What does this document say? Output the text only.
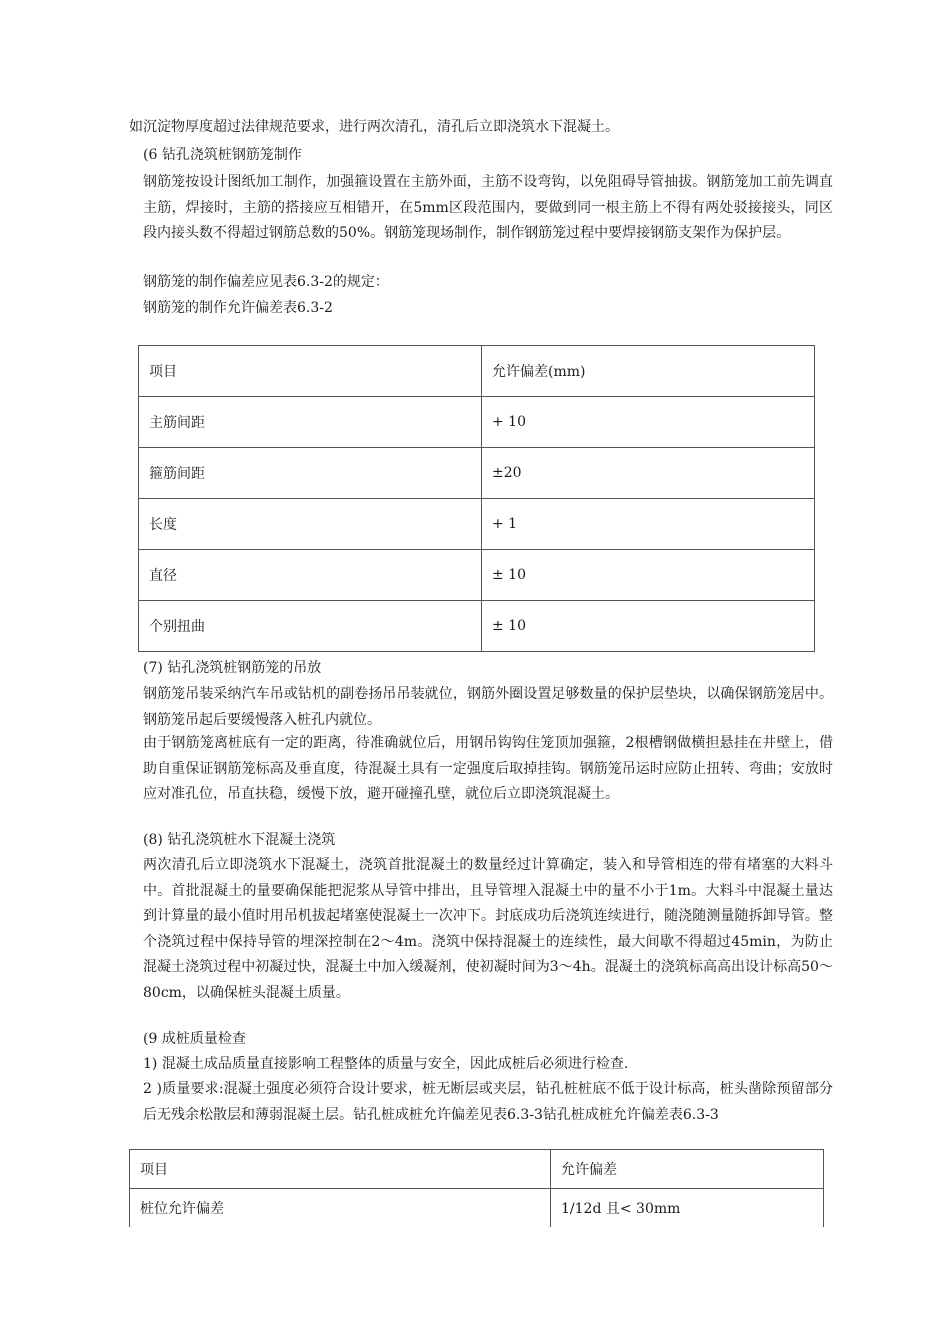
如沉淀物厚度超过法律规范要求，进行两次清孔，清孔后立即浇筑水下混凝土。
(6 钻孔浇筑桩钢筋笼制作
钢筋笼按设计图纸加工制作，加强箍设置在主筋外面，主筋不设弯钩，以免阻碍导管抽拔。钢筋笼加工前先调直主筋，焊接时，主筋的搭接应互相错开，在5mm区段范围内，要做到同一根主筋上不得有两处驳接接头，同区段内接头数不得超过钢筋总数的50%。钢筋笼现场制作，制作钢筋笼过程中要焊接钢筋支架作为保护层。
钢筋笼的制作偏差应见表6.3-2的规定：
钢筋笼的制作允许偏差表6.3-2
项目	允许偏差(mm)
主筋间距	+ 10
箍筋间距	±20
长度	+ 1
直径	± 10
个别扭曲	± 10
(7) 钻孔浇筑桩钢筋笼的吊放
钢筋笼吊装采纳汽车吊或钻机的副卷扬吊吊装就位，钢筋外圈设置足够数量的保护层垫块，以确保钢筋笼居中。钢筋笼吊起后要缓慢落入桩孔内就位。
由于钢筋笼离桩底有一定的距离，待准确就位后，用钢吊钩钩住笼顶加强箍，2根槽钢做横担悬挂在井壁上，借助自重保证钢筋笼标高及垂直度，待混凝土具有一定强度后取掉挂钩。钢筋笼吊运时应防止扭转、弯曲；安放时应对准孔位，吊直扶稳，缓慢下放，避开碰撞孔壁，就位后立即浇筑混凝土。
(8) 钻孔浇筑桩水下混凝土浇筑
两次清孔后立即浇筑水下混凝土，浇筑首批混凝土的数量经过计算确定，装入和导管相连的带有堵塞的大料斗中。首批混凝土的量要确保能把泥浆从导管中排出，且导管埋入混凝土中的量不小于1m。大料斗中混凝土量达到计算量的最小值时用吊机拔起堵塞使混凝土一次冲下。封底成功后浇筑连续进行，随浇随测量随拆卸导管。整个浇筑过程中保持导管的埋深控制在2〜4m。浇筑中保持混凝土的连续性，最大间歇不得超过45min，为防止混凝土浇筑过程中初凝过快，混凝土中加入缓凝剂，使初凝时间为3〜4h。混凝土的浇筑标高高出设计标高50〜80cm，以确保桩头混凝土质量。
(9 成桩质量检查
1) 混凝土成品质量直接影响工程整体的质量与安全，因此成桩后必须进行检查.
2 )质量要求:混凝土强度必须符合设计要求，桩无断层或夹层，钻孔桩桩底不低于设计标高，桩头凿除预留部分后无残余松散层和薄弱混凝土层。钻孔桩成桩允许偏差见表6.3-3钻孔桩成桩允许偏差表6.3-3
项目	允许偏差
桩位允许偏差	1/12d 且< 30mm
